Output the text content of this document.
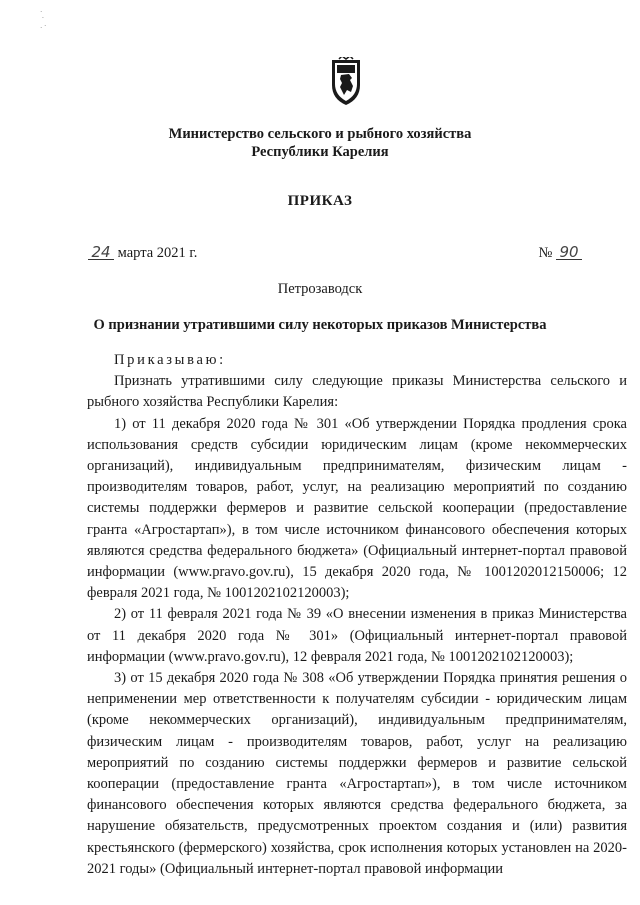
·
ˋ
· ˋ
Министерство сельского и рыбного хозяйства
Республики Карелия
ПРИКАЗ
24 марта 2021 г.	№ 90
Петрозаводск
О признании утратившими силу некоторых приказов Министерства

Приказываю:

Признать утратившими силу следующие приказы Министерства сельского и рыбного хозяйства Республики Карелия:

1) от 11 декабря 2020 года № 301 «Об утверждении Порядка продления срока использования средств субсидии юридическим лицам (кроме некоммерческих организаций), индивидуальным предпринимателям, физическим лицам - производителям товаров, работ, услуг, на реализацию мероприятий по созданию системы поддержки фермеров и развитие сельской кооперации (предоставление гранта «Агростартап»), в том числе источником финансового обеспечения которых являются средства федерального бюджета» (Официальный интернет-портал правовой информации (www.pravo.gov.ru), 15 декабря 2020 года, № 1001202012150006; 12 февраля 2021 года, № 1001202102120003);

2) от 11 февраля 2021 года № 39 «О внесении изменения в приказ Министерства от 11 декабря 2020 года № 301» (Официальный интернет-портал правовой информации (www.pravo.gov.ru), 12 февраля 2021 года, № 1001202102120003);

3) от 15 декабря 2020 года № 308 «Об утверждении Порядка принятия решения о неприменении мер ответственности к получателям субсидии - юридическим лицам (кроме некоммерческих организаций), индивидуальным предпринимателям, физическим лицам - производителям товаров, работ, услуг на реализацию мероприятий по созданию системы поддержки фермеров и развитие сельской кооперации (предоставление гранта «Агростартап»), в том числе источником финансового обеспечения которых являются средства федерального бюджета, за нарушение обязательств, предусмотренных проектом создания и (или) развития крестьянского (фермерского) хозяйства, срок исполнения которых установлен на 2020-2021 годы» (Официальный интернет-портал правовой информации
